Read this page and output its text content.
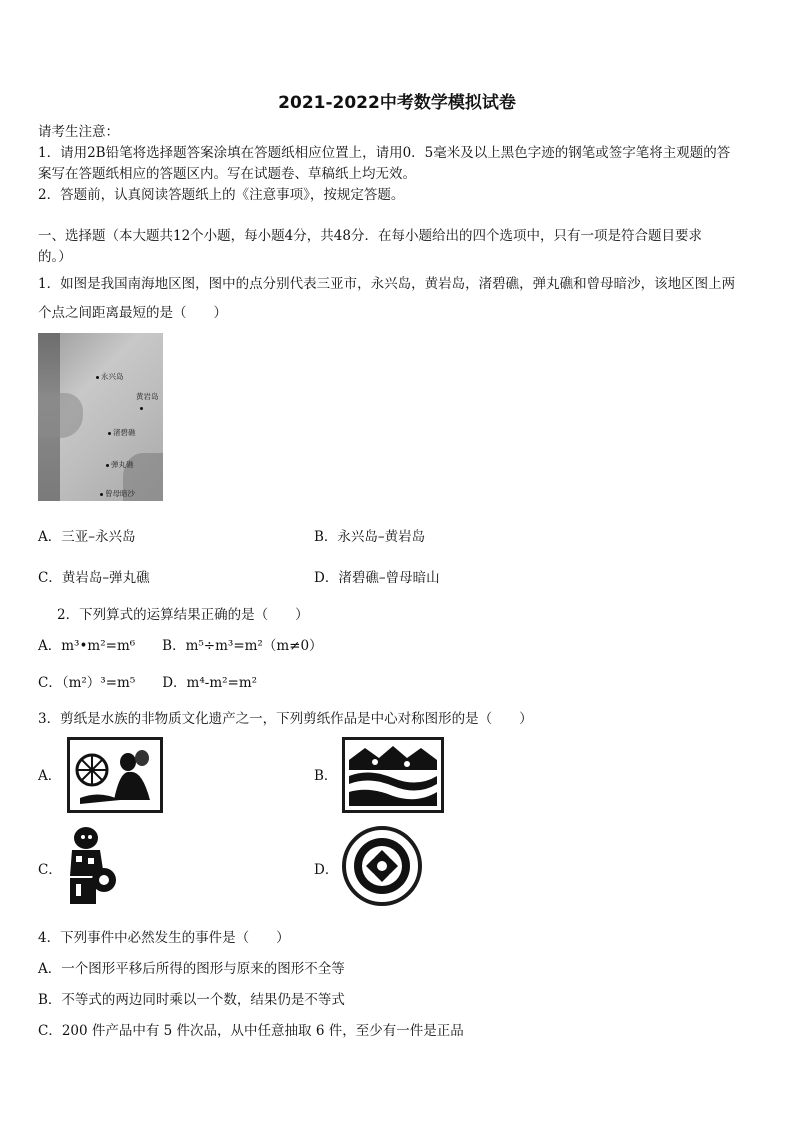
2021-2022中考数学模拟试卷
请考生注意：
1．请用2B铅笔将选择题答案涂填在答题纸相应位置上，请用0．5毫米及以上黑色字迹的钢笔或签字笔将主观题的答
案写在答题纸相应的答题区内。写在试题卷、草稿纸上均无效。
2．答题前，认真阅读答题纸上的《注意事项》，按规定答题。
一、选择题（本大题共12个小题，每小题4分，共48分．在每小题给出的四个选项中，只有一项是符合题目要求
的。）
1．如图是我国南海地区图，图中的点分别代表三亚市，永兴岛，黄岩岛，渚碧礁，弹丸礁和曾母暗沙，该地区图上两
个点之间距离最短的是（　　）
永兴岛
黄岩岛
渚碧礁
弹丸礁
曾母暗沙
A．三亚–永兴岛	B．永兴岛–黄岩岛
C．黄岩岛–弹丸礁	D．渚碧礁–曾母暗山
2．下列算式的运算结果正确的是（　　）
A．m³•m²=m⁶　　B．m⁵÷m³=m²（m≠0）
C．（m²）³=m⁵　　D．m⁴-m²=m²
3．剪纸是水族的非物质文化遗产之一，下列剪纸作品是中心对称图形的是（　　）
A．	B．
C．	D．
4．下列事件中必然发生的事件是（　　）
A．一个图形平移后所得的图形与原来的图形不全等
B．不等式的两边同时乘以一个数，结果仍是不等式
C．200 件产品中有 5 件次品，从中任意抽取 6 件，至少有一件是正品
